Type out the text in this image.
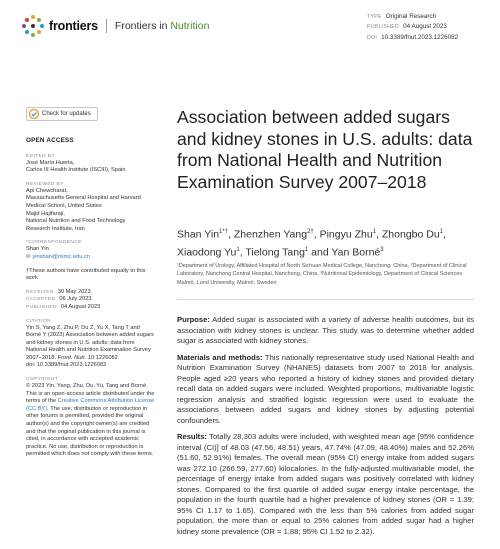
frontiers Frontiers in Nutrition
TYPE Original Research
PUBLISHED 04 August 2023
DOI 10.3389/fnut.2023.1226082
Check for updates
OPEN ACCESS
EDITED BY
José María Huerta,
Carlos III Health Institute (ISCIII), Spain
REVIEWED BY
Api Chewcharat,
Massachusetts General Hospital and Harvard
Medical School, United States
Majid Hajifaraji,
National Nutrition and Food Technology
Research Institute, Iran
*CORRESPONDENCE
Shan Yin
✉ yinshan@nsmc.edu.cn
†These authors have contributed equally to this work
RECEIVED 30 May 2023
ACCEPTED 06 July 2023
PUBLISHED 04 August 2023
CITATION
Yin S, Yang Z, Zhu P, Du Z, Yu X, Tang T and Borné Y (2023) Association between added sugars and kidney stones in U.S. adults: data from National Health and Nutrition Examination Survey 2007–2018. Front. Nutr. 10:1226082.
doi: 10.3389/fnut.2023.1226082
COPYRIGHT
© 2023 Yin, Yang, Zhu, Du, Yu, Tang and Borné. This is an open-access article distributed under the terms of the Creative Commons Attribution License (CC BY). The use, distribution or reproduction in other forums is permitted, provided the original author(s) and the copyright owner(s) are credited and that the original publication in this journal is cited, in accordance with accepted academic practice. No use, distribution or reproduction is permitted which does not comply with these terms.
Association between added sugars and kidney stones in U.S. adults: data from National Health and Nutrition Examination Survey 2007–2018
Shan Yin$^{1*\dagger}$, Zhenzhen Yang$^{2\dagger}$, Pingyu Zhu$^1$, Zhongbo Du$^1$, Xiaodong Yu$^1$, Tielong Tang$^1$ and Yan Borné$^3$
¹Department of Urology, Affiliated Hospital of North Sichuan Medical College, Nanchong, China, ²Department of Clinical Laboratory, Nanchong Central Hospital, Nanchong, China, ³Nutritional Epidemiology, Department of Clinical Sciences Malmö, Lund University, Malmö, Sweden

Purpose: Added sugar is associated with a variety of adverse health outcomes, but its association with kidney stones is unclear. This study was to determine whether added sugar is associated with kidney stones.

Materials and methods: This nationally representative study used National Health and Nutrition Examination Survey (NHANES) datasets from 2007 to 2018 for analysis. People aged ≥20 years who reported a history of kidney stones and provided dietary recall data on added sugars were included. Weighted proportions, multivariable logistic regression analysis and stratified logistic regression were used to evaluate the associations between added sugars and kidney stones by adjusting potential confounders.

Results: Totally 28,303 adults were included, with weighted mean age [95% confidence interval (CI)] of 48.03 (47.56, 48.51) years, 47.74% (47.09, 48.40%) males and 52.26% (51.60, 52.91%) females. The overall mean (95% CI) energy intake from added sugars was 272.10 (266.59, 277.60) kilocalories. In the fully-adjusted multivariable model, the percentage of energy intake from added sugars was positively correlated with kidney stones. Compared to the first quartile of added sugar energy intake percentage, the population in the fourth quartile had a higher prevalence of kidney stones (OR = 1.39; 95% CI 1.17 to 1.65). Compared with the less than 5% calories from added sugar population, the more than or equal to 25% calories from added sugar had a higher kidney stone prevalence (OR = 1.88; 95% CI 1.52 to 2.32).
